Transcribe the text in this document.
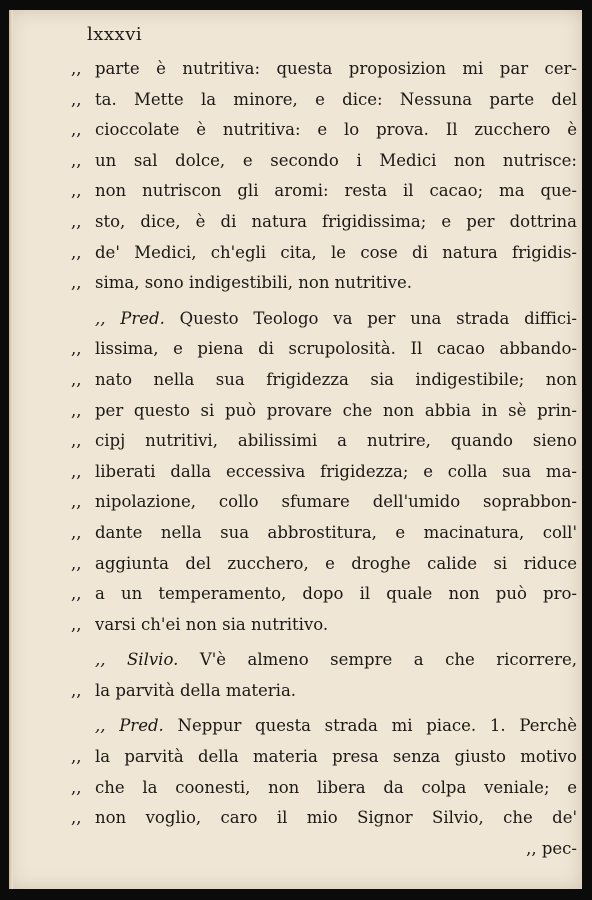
lxxxvi
,, parte è nutritiva: questa proposizion mi par cer-
,, ta. Mette la minore, e dice: Nessuna parte del
,, cioccolate è nutritiva: e lo prova. Il zucchero è
,, un sal dolce, e secondo i Medici non nutrisce:
,, non nutriscon gli aromi: resta il cacao; ma que-
,, sto, dice, è di natura frigidissima; e per dottrina
,, de' Medici, ch'egli cita, le cose di natura frigidis-
,, sima, sono indigestibili, non nutritive.
,, Pred. Questo Teologo va per una strada diffici-
,, lissima, e piena di scrupolosità. Il cacao abbando-
,, nato nella sua frigidezza sia indigestibile; non
,, per questo si può provare che non abbia in sè prin-
,, cipj nutritivi, abilissimi a nutrire, quando sieno
,, liberati dalla eccessiva frigidezza; e colla sua ma-
,, nipolazione, collo sfumare dell'umido soprabbon-
,, dante nella sua abbrostitura, e macinatura, coll'
,, aggiunta del zucchero, e droghe calide si riduce
,, a un temperamento, dopo il quale non può pro-
,, varsi ch'ei non sia nutritivo.
,, Silvio. V'è almeno sempre a che ricorrere,
,, la parvità della materia.
,, Pred. Neppur questa strada mi piace. 1. Perchè
,, la parvità della materia presa senza giusto motivo
,, che la coonesti, non libera da colpa veniale; e
,, non voglio, caro il mio Signor Silvio, che de'
,, pec-
